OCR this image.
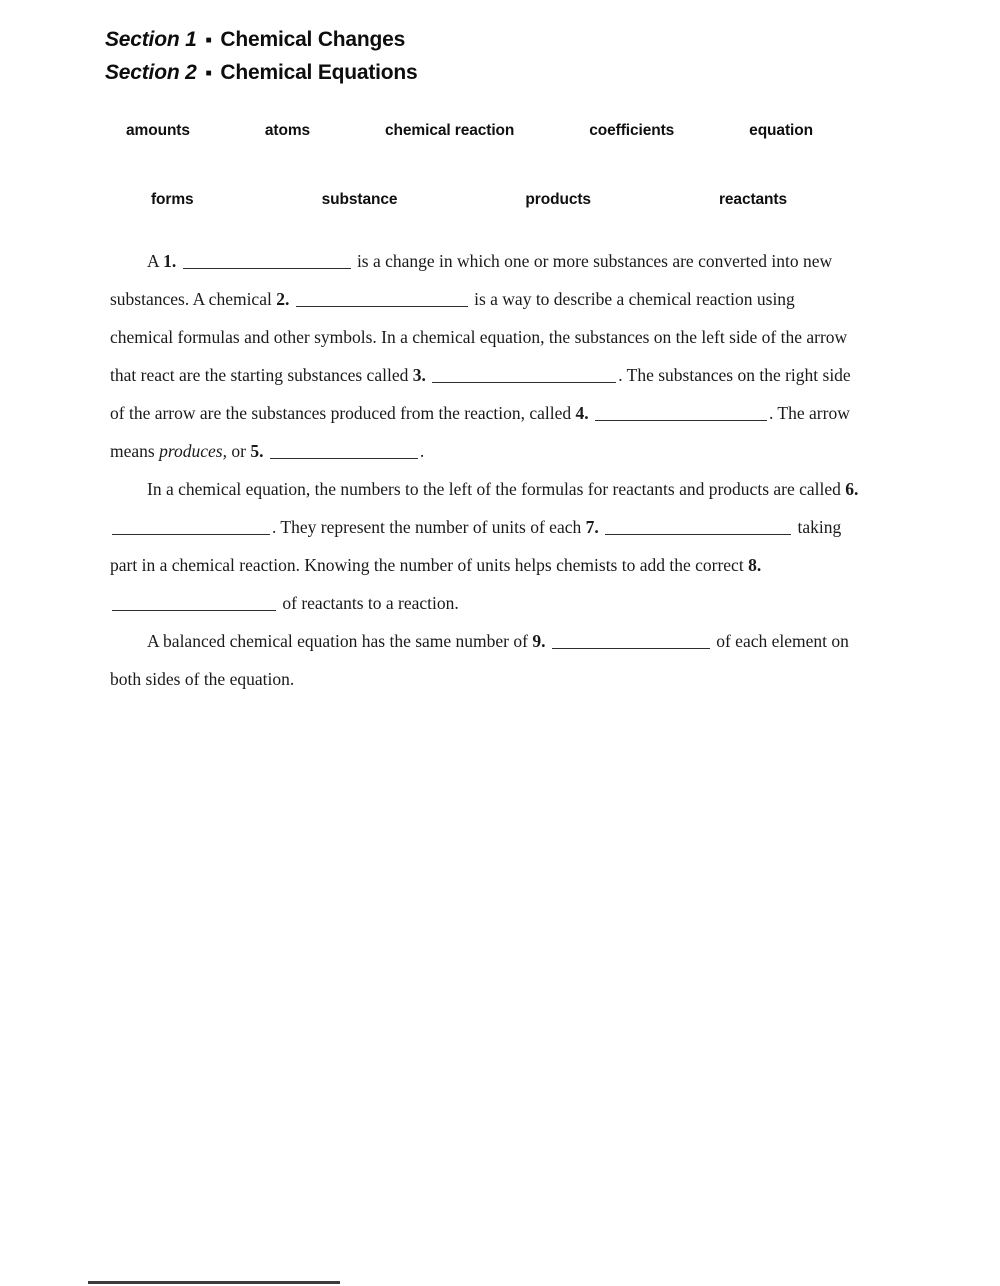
Section 1 ■ Chemical Changes
Section 2 ■ Chemical Equations
amounts	atoms	chemical reaction	coefficients	equation
forms	substance	products	reactants

A 1.	is a change in which one or more substances are converted into new substances. A chemical 2.	is a way to describe a chemical reaction using chemical formulas and other symbols. In a chemical equation, the substances on the left side of the arrow that react are the starting substances called 3.	. The substances on the right side of the arrow are the substances produced from the reaction, called 4.	. The arrow means produces, or 5.	.

In a chemical equation, the numbers to the left of the formulas for reactants and products are called 6. . They represent the number of units of each 7.	taking part in a chemical reaction. Knowing the number of units helps chemists to add the correct 8.  of reactants to a reaction.

A balanced chemical equation has the same number of 9.	of each element on both sides of the equation.
